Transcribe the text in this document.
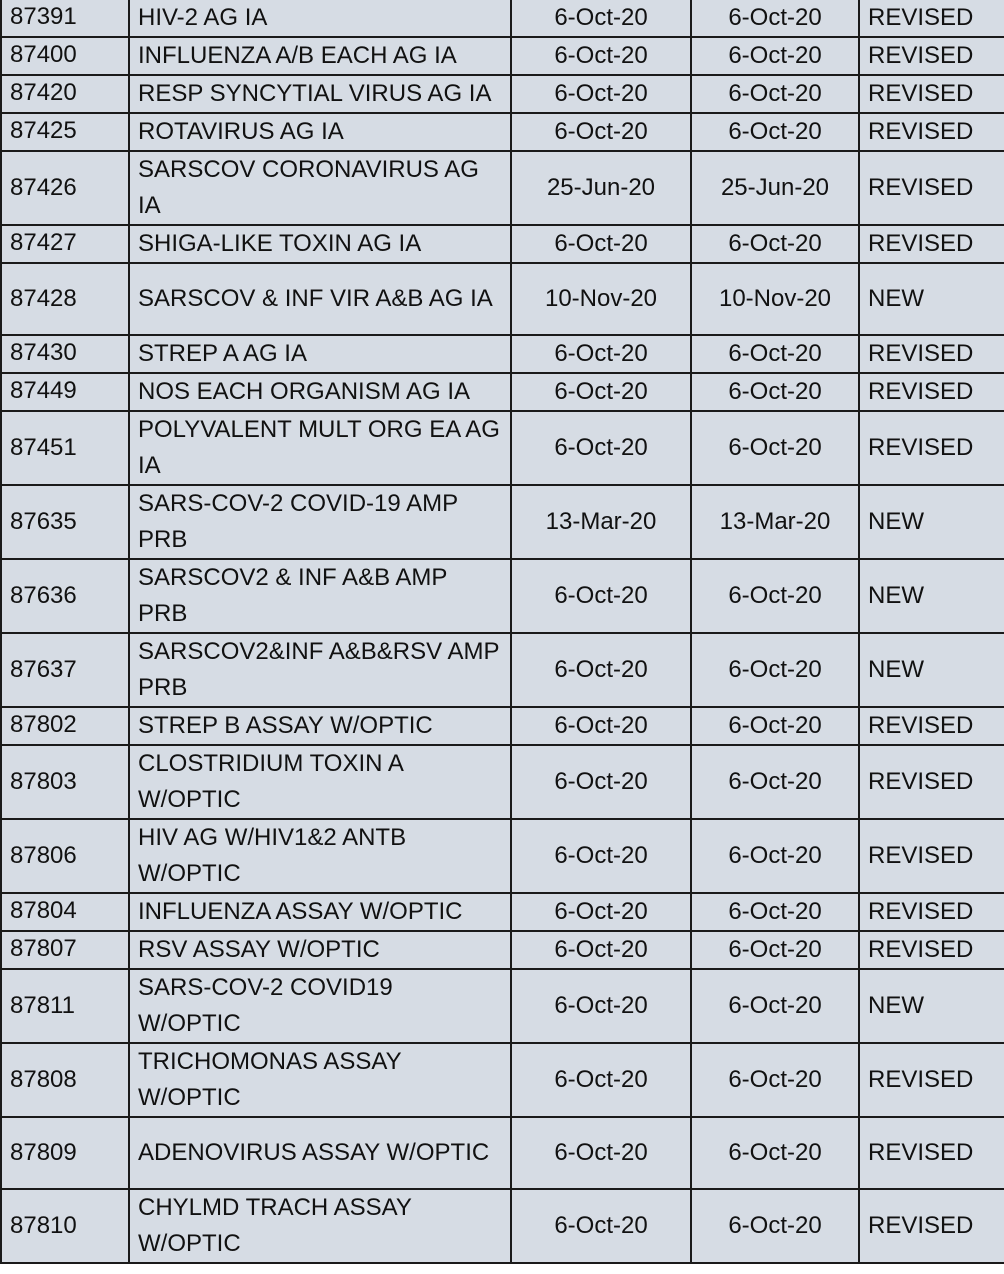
87391	HIV-2 AG IA	6-Oct-20	6-Oct-20	REVISED
87400	INFLUENZA A/B EACH AG IA	6-Oct-20	6-Oct-20	REVISED
87420	RESP SYNCYTIAL VIRUS AG IA	6-Oct-20	6-Oct-20	REVISED
87425	ROTAVIRUS AG IA	6-Oct-20	6-Oct-20	REVISED
87426	SARSCOV CORONAVIRUS AG IA	25-Jun-20	25-Jun-20	REVISED
87427	SHIGA-LIKE TOXIN AG IA	6-Oct-20	6-Oct-20	REVISED
87428	SARSCOV & INF VIR A&B AG IA	10-Nov-20	10-Nov-20	NEW
87430	STREP A AG IA	6-Oct-20	6-Oct-20	REVISED
87449	NOS EACH ORGANISM AG IA	6-Oct-20	6-Oct-20	REVISED
87451	POLYVALENT MULT ORG EA AG IA	6-Oct-20	6-Oct-20	REVISED
87635	SARS-COV-2 COVID-19 AMP PRB	13-Mar-20	13-Mar-20	NEW
87636	SARSCOV2 & INF A&B AMP PRB	6-Oct-20	6-Oct-20	NEW
87637	SARSCOV2&INF A&B&RSV AMP PRB	6-Oct-20	6-Oct-20	NEW
87802	STREP B ASSAY W/OPTIC	6-Oct-20	6-Oct-20	REVISED
87803	CLOSTRIDIUM TOXIN A W/OPTIC	6-Oct-20	6-Oct-20	REVISED
87806	HIV AG W/HIV1&2 ANTB W/OPTIC	6-Oct-20	6-Oct-20	REVISED
87804	INFLUENZA ASSAY W/OPTIC	6-Oct-20	6-Oct-20	REVISED
87807	RSV ASSAY W/OPTIC	6-Oct-20	6-Oct-20	REVISED
87811	SARS-COV-2 COVID19 W/OPTIC	6-Oct-20	6-Oct-20	NEW
87808	TRICHOMONAS ASSAY W/OPTIC	6-Oct-20	6-Oct-20	REVISED
87809	ADENOVIRUS ASSAY W/OPTIC	6-Oct-20	6-Oct-20	REVISED
87810	CHYLMD TRACH ASSAY W/OPTIC	6-Oct-20	6-Oct-20	REVISED
